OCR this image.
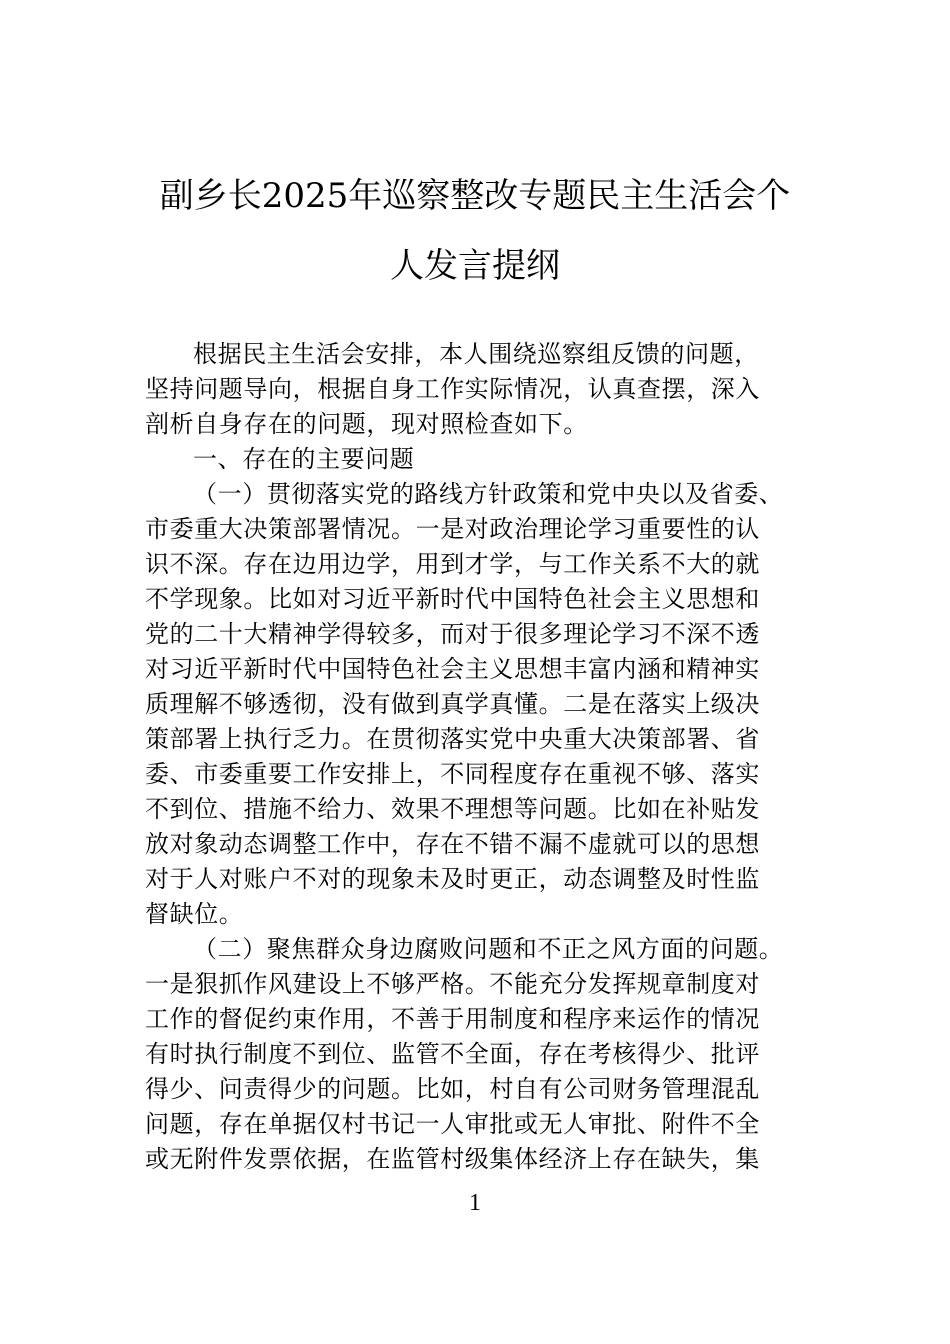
副乡长2025年巡察整改专题民主生活会个
人发言提纲
根据民主生活会安排，本人围绕巡察组反馈的问题，
坚持问题导向，根据自身工作实际情况，认真查摆，深入
剖析自身存在的问题，现对照检查如下。
一、存在的主要问题
（一）贯彻落实党的路线方针政策和党中央以及省委、
市委重大决策部署情况。一是对政治理论学习重要性的认
识不深。存在边用边学，用到才学，与工作关系不大的就
不学现象。比如对习近平新时代中国特色社会主义思想和
党的二十大精神学得较多，而对于很多理论学习不深不透
对习近平新时代中国特色社会主义思想丰富内涵和精神实
质理解不够透彻，没有做到真学真懂。二是在落实上级决
策部署上执行乏力。在贯彻落实党中央重大决策部署、省
委、市委重要工作安排上，不同程度存在重视不够、落实
不到位、措施不给力、效果不理想等问题。比如在补贴发
放对象动态调整工作中，存在不错不漏不虚就可以的思想
对于人对账户不对的现象未及时更正，动态调整及时性监
督缺位。
（二）聚焦群众身边腐败问题和不正之风方面的问题。
一是狠抓作风建设上不够严格。不能充分发挥规章制度对
工作的督促约束作用，不善于用制度和程序来运作的情况
有时执行制度不到位、监管不全面，存在考核得少、批评
得少、问责得少的问题。比如，村自有公司财务管理混乱
问题，存在单据仅村书记一人审批或无人审批、附件不全
或无附件发票依据，在监管村级集体经济上存在缺失，集
1
